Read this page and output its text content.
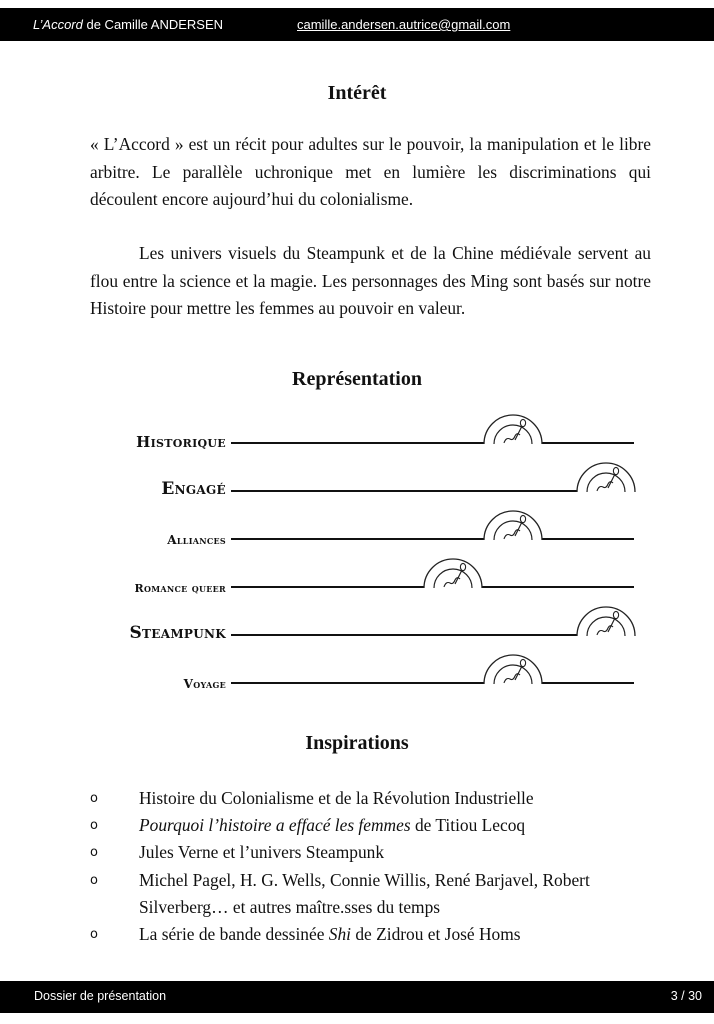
L’Accord de Camille ANDERSEN	camille.andersen.autrice@gmail.com
Intérêt

« L’Accord » est un récit pour adultes sur le pouvoir, la manipulation et le libre arbitre. Le parallèle uchronique met en lumière les discriminations qui découlent encore aujourd’hui du colonialisme.

Les univers visuels du Steampunk et de la Chine médiévale servent au flou entre la science et la magie. Les personnages des Ming sont basés sur notre Histoire pour mettre les femmes au pouvoir en valeur.

Représentation
Historique
Engagé
Alliances
Romance queer
Steampunk
Voyage
Inspirations
o Histoire du Colonialisme et de la Révolution Industrielle
o Pourquoi l’histoire a effacé les femmes de Titiou Lecoq
o Jules Verne et l’univers Steampunk
o Michel Pagel, H. G. Wells, Connie Willis, René Barjavel, Robert Silverberg… et autres maître.sses du temps
o La série de bande dessinée Shi de Zidrou et José Homs
Dossier de présentation	3 / 30
